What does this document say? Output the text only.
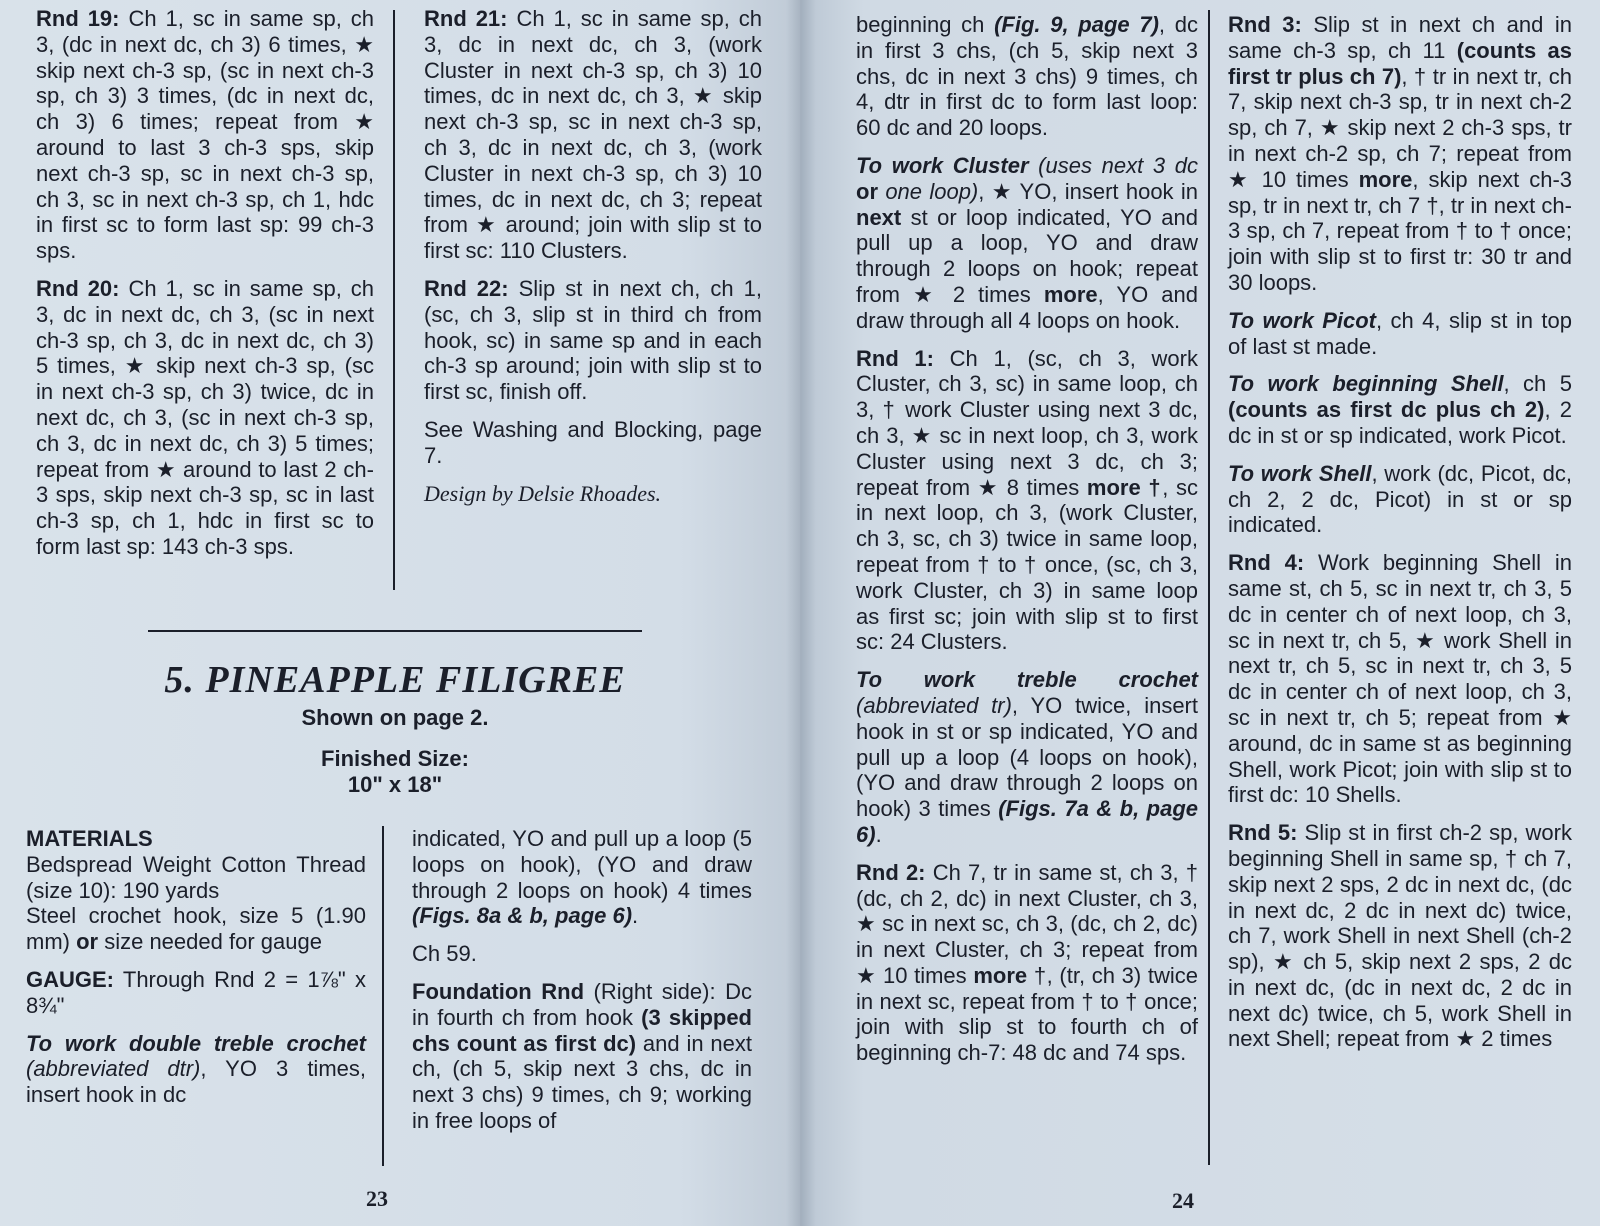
Rnd 19: Ch 1, sc in same sp, ch 3, (dc in next dc, ch 3) 6 times, ★ skip next ch-3 sp, (sc in next ch-3 sp, ch 3) 3 times, (dc in next dc, ch 3) 6 times; repeat from ★ around to last 3 ch-3 sps, skip next ch-3 sp, sc in next ch-3 sp, ch 3, sc in next ch-3 sp, ch 1, hdc in first sc to form last sp: 99 ch-3 sps.

Rnd 20: Ch 1, sc in same sp, ch 3, dc in next dc, ch 3, (sc in next ch-3 sp, ch 3, dc in next dc, ch 3) 5 times, ★ skip next ch-3 sp, (sc in next ch-3 sp, ch 3) twice, dc in next dc, ch 3, (sc in next ch-3 sp, ch 3, dc in next dc, ch 3) 5 times; repeat from ★ around to last 2 ch-3 sps, skip next ch-3 sp, sc in last ch-3 sp, ch 1, hdc in first sc to form last sp: 143 ch-3 sps.

Rnd 21: Ch 1, sc in same sp, ch 3, dc in next dc, ch 3, (work Cluster in next ch-3 sp, ch 3) 10 times, dc in next dc, ch 3, ★ skip next ch-3 sp, sc in next ch-3 sp, ch 3, dc in next dc, ch 3, (work Cluster in next ch-3 sp, ch 3) 10 times, dc in next dc, ch 3; repeat from ★ around; join with slip st to first sc: 110 Clusters.

Rnd 22: Slip st in next ch, ch 1, (sc, ch 3, slip st in third ch from hook, sc) in same sp and in each ch-3 sp around; join with slip st to first sc, finish off.

See Washing and Blocking, page 7.

Design by Delsie Rhoades.

5. PINEAPPLE FILIGREE
Shown on page 2.
Finished Size:
10" x 18"

MATERIALS
Bedspread Weight Cotton Thread (size 10): 190 yards
Steel crochet hook, size 5 (1.90 mm) or size needed for gauge

GAUGE: Through Rnd 2 = 1⅞" x 8¾"

To work double treble crochet (abbreviated dtr), YO 3 times, insert hook in dc

indicated, YO and pull up a loop (5 loops on hook), (YO and draw through 2 loops on hook) 4 times (Figs. 8a & b, page 6).

Ch 59.

Foundation Rnd (Right side): Dc in fourth ch from hook (3 skipped chs count as first dc) and in next ch, (ch 5, skip next 3 chs, dc in next 3 chs) 9 times, ch 9; working in free loops of

23

beginning ch (Fig. 9, page 7), dc in first 3 chs, (ch 5, skip next 3 chs, dc in next 3 chs) 9 times, ch 4, dtr in first dc to form last loop: 60 dc and 20 loops.

To work Cluster (uses next 3 dc or one loop), ★ YO, insert hook in next st or loop indicated, YO and pull up a loop, YO and draw through 2 loops on hook; repeat from ★ 2 times more, YO and draw through all 4 loops on hook.

Rnd 1: Ch 1, (sc, ch 3, work Cluster, ch 3, sc) in same loop, ch 3, † work Cluster using next 3 dc, ch 3, ★ sc in next loop, ch 3, work Cluster using next 3 dc, ch 3; repeat from ★ 8 times more †, sc in next loop, ch 3, (work Cluster, ch 3, sc, ch 3) twice in same loop, repeat from † to † once, (sc, ch 3, work Cluster, ch 3) in same loop as first sc; join with slip st to first sc: 24 Clusters.

To work treble crochet (abbreviated tr), YO twice, insert hook in st or sp indicated, YO and pull up a loop (4 loops on hook), (YO and draw through 2 loops on hook) 3 times (Figs. 7a & b, page 6).

Rnd 2: Ch 7, tr in same st, ch 3, † (dc, ch 2, dc) in next Cluster, ch 3, ★ sc in next sc, ch 3, (dc, ch 2, dc) in next Cluster, ch 3; repeat from ★ 10 times more †, (tr, ch 3) twice in next sc, repeat from † to † once; join with slip st to fourth ch of beginning ch-7: 48 dc and 74 sps.

Rnd 3: Slip st in next ch and in same ch-3 sp, ch 11 (counts as first tr plus ch 7), † tr in next tr, ch 7, skip next ch-3 sp, tr in next ch-2 sp, ch 7, ★ skip next 2 ch-3 sps, tr in next ch-2 sp, ch 7; repeat from ★ 10 times more, skip next ch-3 sp, tr in next tr, ch 7 †, tr in next ch-3 sp, ch 7, repeat from † to † once; join with slip st to first tr: 30 tr and 30 loops.

To work Picot, ch 4, slip st in top of last st made.

To work beginning Shell, ch 5 (counts as first dc plus ch 2), 2 dc in st or sp indicated, work Picot.

To work Shell, work (dc, Picot, dc, ch 2, 2 dc, Picot) in st or sp indicated.

Rnd 4: Work beginning Shell in same st, ch 5, sc in next tr, ch 3, 5 dc in center ch of next loop, ch 3, sc in next tr, ch 5, ★ work Shell in next tr, ch 5, sc in next tr, ch 3, 5 dc in center ch of next loop, ch 3, sc in next tr, ch 5; repeat from ★ around, dc in same st as beginning Shell, work Picot; join with slip st to first dc: 10 Shells.

Rnd 5: Slip st in first ch-2 sp, work beginning Shell in same sp, † ch 7, skip next 2 sps, 2 dc in next dc, (dc in next dc, 2 dc in next dc) twice, ch 7, work Shell in next Shell (ch-2 sp), ★ ch 5, skip next 2 sps, 2 dc in next dc, (dc in next dc, 2 dc in next dc) twice, ch 5, work Shell in next Shell; repeat from ★ 2 times

24
